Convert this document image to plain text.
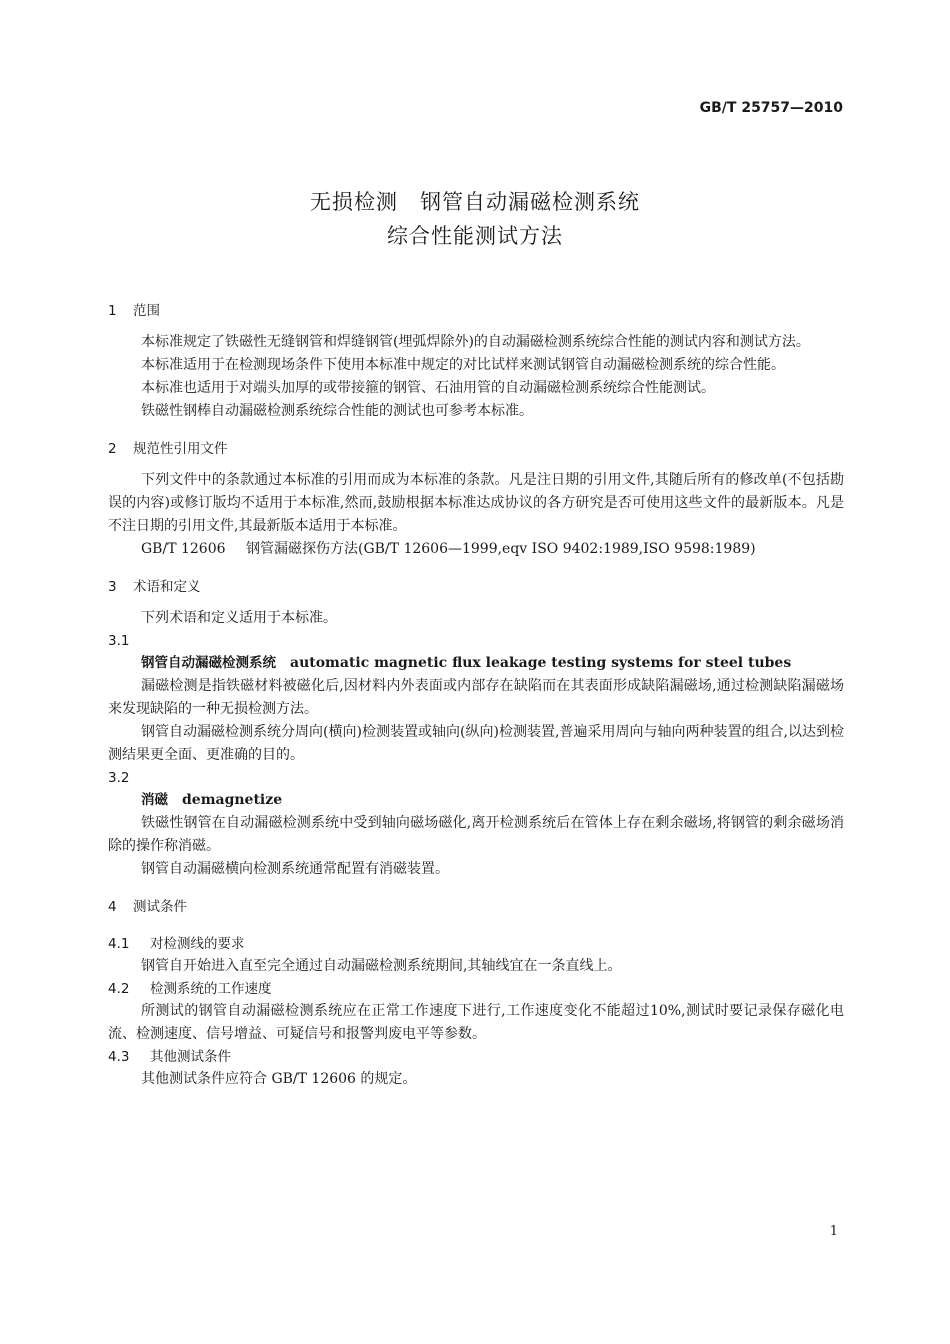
GB/T 25757—2010
无损检测　钢管自动漏磁检测系统
综合性能测试方法
1 范围

本标准规定了铁磁性无缝钢管和焊缝钢管(埋弧焊除外)的自动漏磁检测系统综合性能的测试内容和测试方法。

本标准适用于在检测现场条件下使用本标准中规定的对比试样来测试钢管自动漏磁检测系统的综合性能。

本标准也适用于对端头加厚的或带接箍的钢管、石油用管的自动漏磁检测系统综合性能测试。

铁磁性钢棒自动漏磁检测系统综合性能的测试也可参考本标准。

2 规范性引用文件

下列文件中的条款通过本标准的引用而成为本标准的条款。凡是注日期的引用文件,其随后所有的修改单(不包括勘误的内容)或修订版均不适用于本标准,然而,鼓励根据本标准达成协议的各方研究是否可使用这些文件的最新版本。凡是不注日期的引用文件,其最新版本适用于本标准。

GB/T 12606 钢管漏磁探伤方法(GB/T 12606—1999,eqv ISO 9402:1989,ISO 9598:1989)

3 术语和定义

下列术语和定义适用于本标准。

3.1

钢管自动漏磁检测系统 automatic magnetic flux leakage testing systems for steel tubes

漏磁检测是指铁磁材料被磁化后,因材料内外表面或内部存在缺陷而在其表面形成缺陷漏磁场,通过检测缺陷漏磁场来发现缺陷的一种无损检测方法。

钢管自动漏磁检测系统分周向(横向)检测装置或轴向(纵向)检测装置,普遍采用周向与轴向两种装置的组合,以达到检测结果更全面、更准确的目的。

3.2

消磁 demagnetize

铁磁性钢管在自动漏磁检测系统中受到轴向磁场磁化,离开检测系统后在管体上存在剩余磁场,将钢管的剩余磁场消除的操作称消磁。

钢管自动漏磁横向检测系统通常配置有消磁装置。

4 测试条件
4.1 对检测线的要求

钢管自开始进入直至完全通过自动漏磁检测系统期间,其轴线宜在一条直线上。

4.2 检测系统的工作速度

所测试的钢管自动漏磁检测系统应在正常工作速度下进行,工作速度变化不能超过10%,测试时要记录保存磁化电流、检测速度、信号增益、可疑信号和报警判废电平等参数。

4.3 其他测试条件

其他测试条件应符合 GB/T 12606 的规定。

1
